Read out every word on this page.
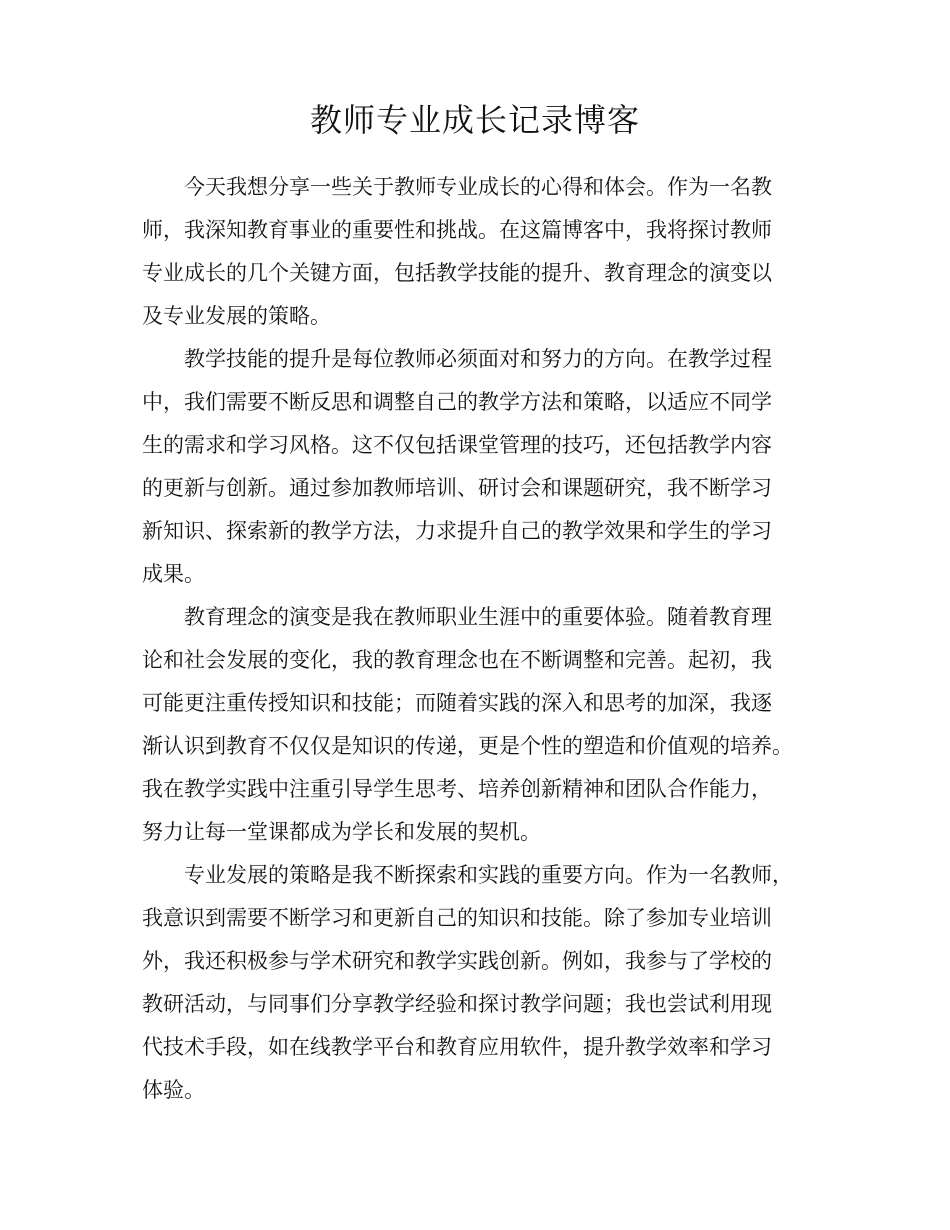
教师专业成长记录博客

今天我想分享一些关于教师专业成长的心得和体会。作为一名教

师，我深知教育事业的重要性和挑战。在这篇博客中，我将探讨教师

专业成长的几个关键方面，包括教学技能的提升、教育理念的演变以

及专业发展的策略。

教学技能的提升是每位教师必须面对和努力的方向。在教学过程

中，我们需要不断反思和调整自己的教学方法和策略，以适应不同学

生的需求和学习风格。这不仅包括课堂管理的技巧，还包括教学内容

的更新与创新。通过参加教师培训、研讨会和课题研究，我不断学习

新知识、探索新的教学方法，力求提升自己的教学效果和学生的学习

成果。

教育理念的演变是我在教师职业生涯中的重要体验。随着教育理

论和社会发展的变化，我的教育理念也在不断调整和完善。起初，我

可能更注重传授知识和技能；而随着实践的深入和思考的加深，我逐

渐认识到教育不仅仅是知识的传递，更是个性的塑造和价值观的培养。

我在教学实践中注重引导学生思考、培养创新精神和团队合作能力，

努力让每一堂课都成为学长和发展的契机。

专业发展的策略是我不断探索和实践的重要方向。作为一名教师，

我意识到需要不断学习和更新自己的知识和技能。除了参加专业培训

外，我还积极参与学术研究和教学实践创新。例如，我参与了学校的

教研活动，与同事们分享教学经验和探讨教学问题；我也尝试利用现

代技术手段，如在线教学平台和教育应用软件，提升教学效率和学习

体验。
